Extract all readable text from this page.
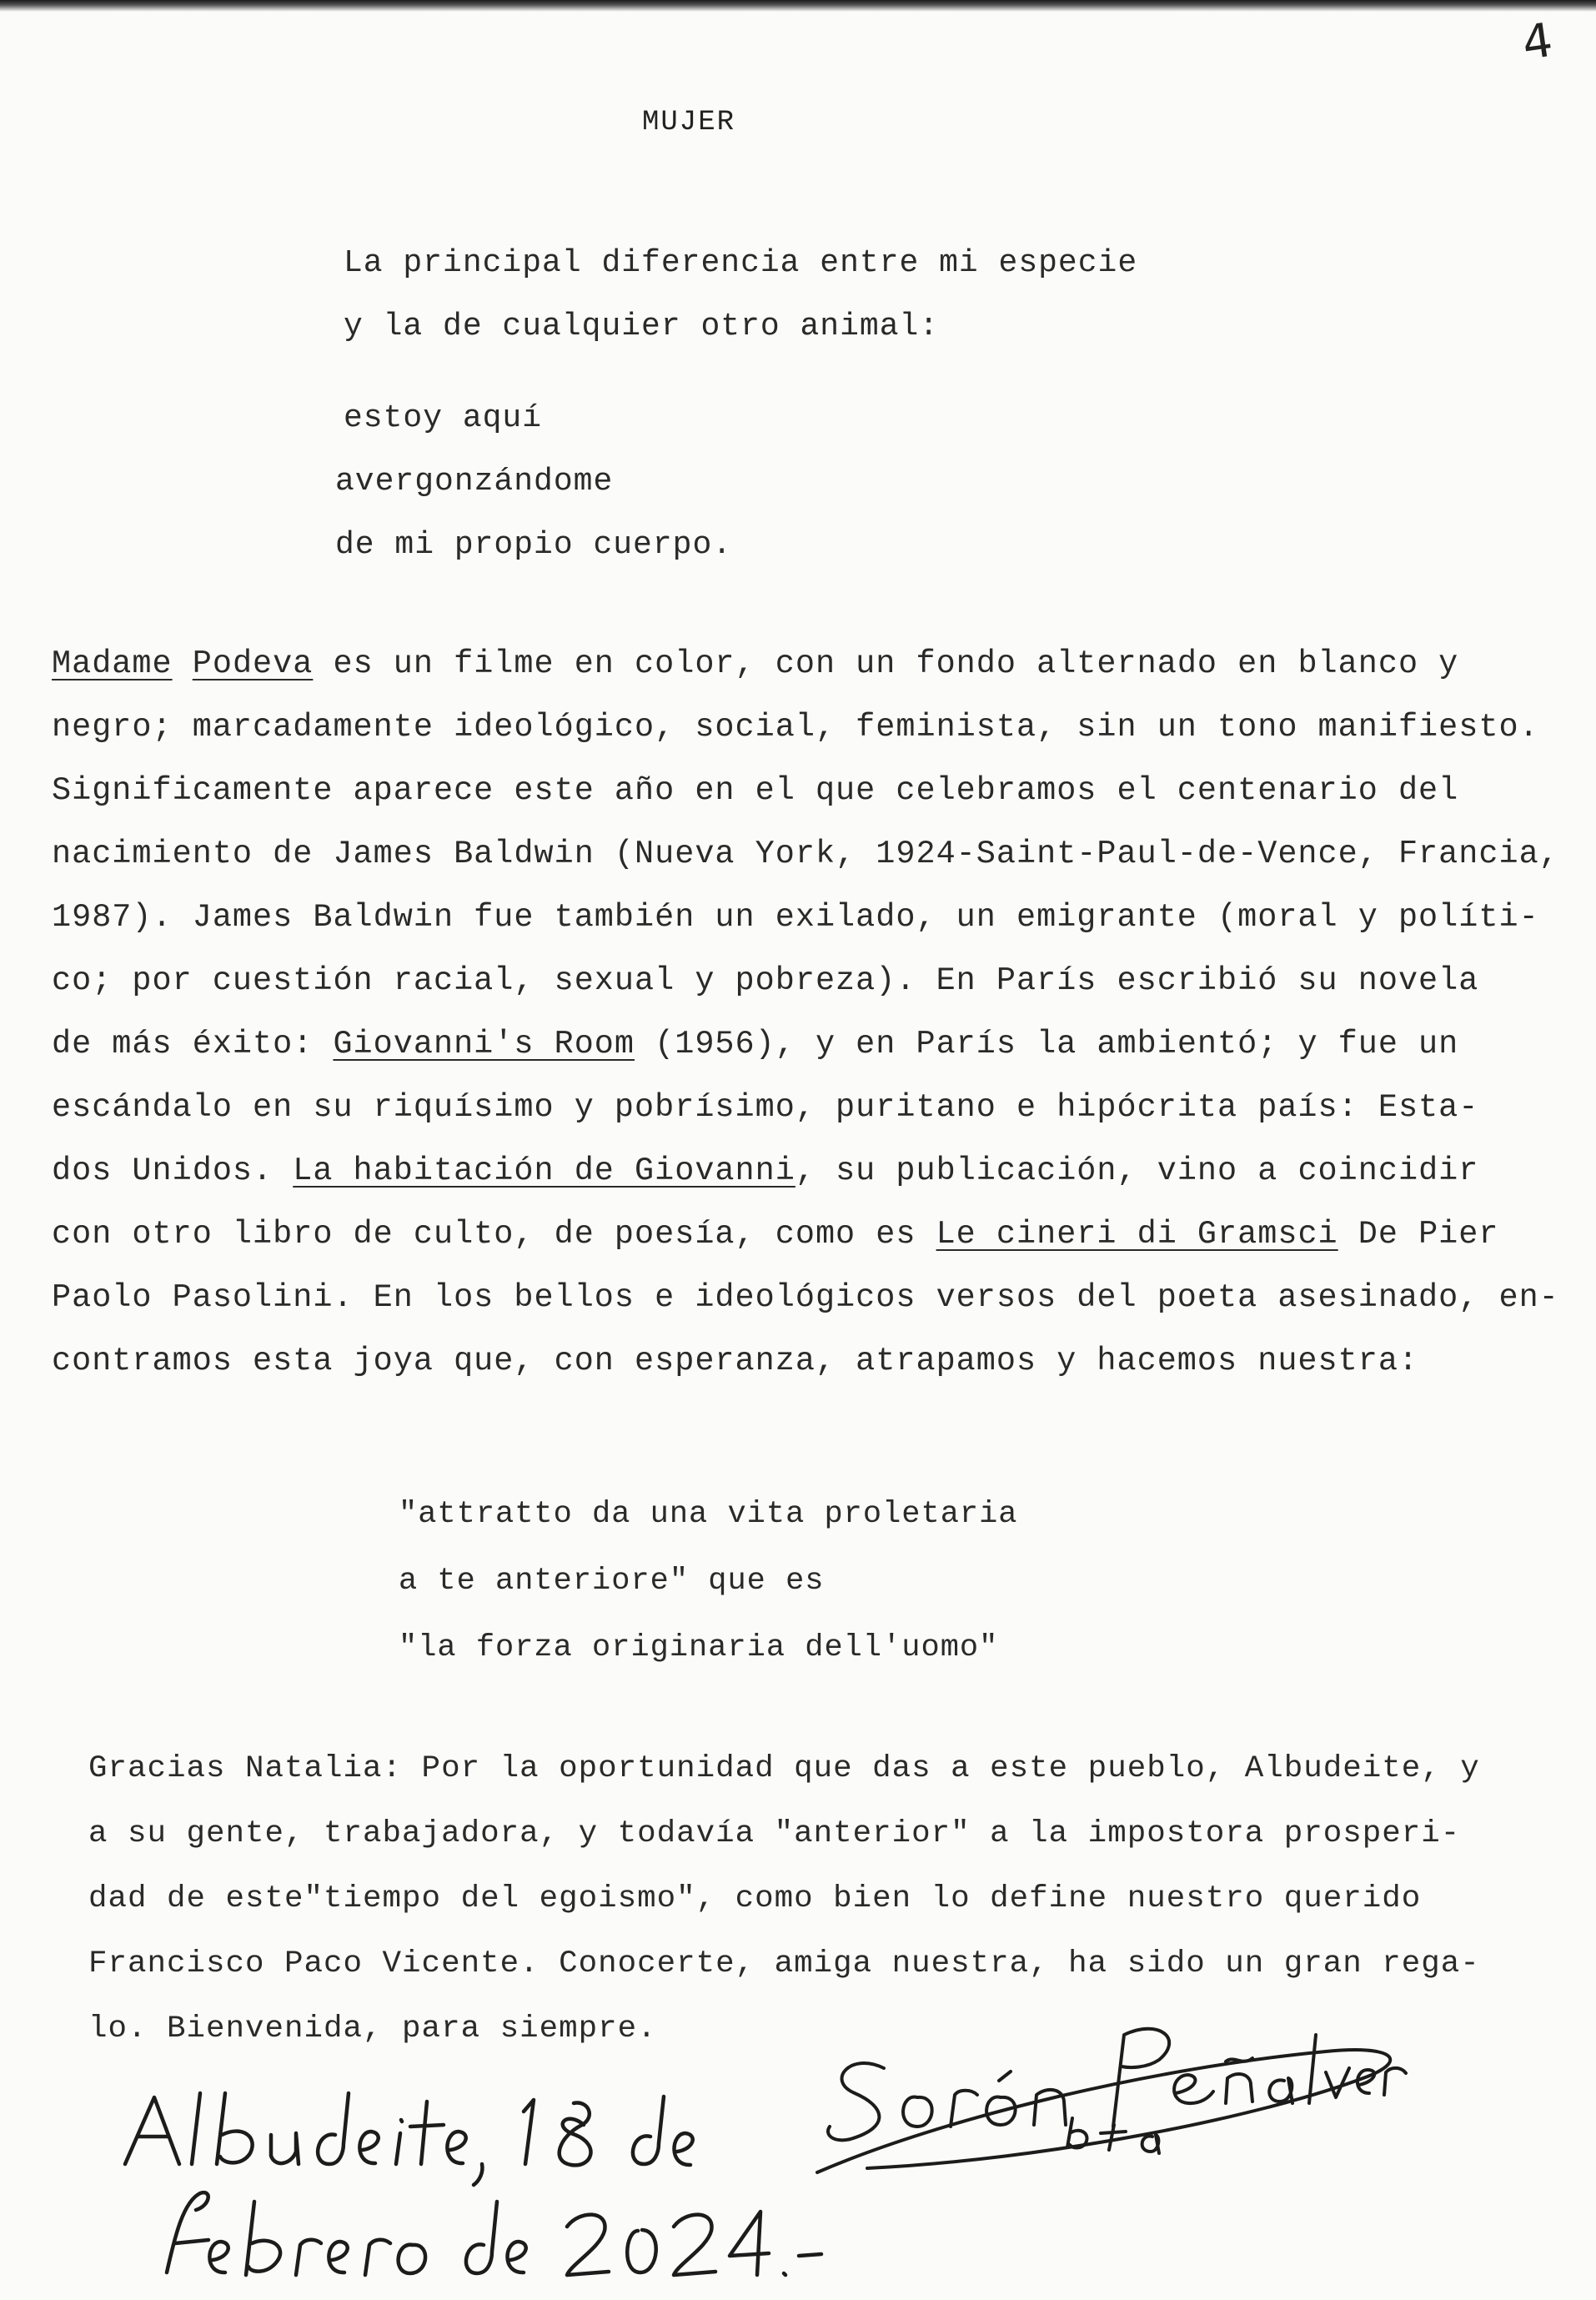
4
MUJER
La principal diferencia entre mi especie
y la de cualquier otro animal:
estoy aquí
avergonzándome
de mi propio cuerpo.
Madame Podeva es un filme en color, con un fondo alternado en blanco y
negro; marcadamente ideológico, social, feminista, sin un tono manifiesto.
Significamente aparece este año en el que celebramos el centenario del
nacimiento de James Baldwin (Nueva York, 1924-Saint-Paul-de-Vence, Francia,
1987). James Baldwin fue también un exilado, un emigrante (moral y políti-
co; por cuestión racial, sexual y pobreza). En París escribió su novela
de más éxito: Giovanni's Room (1956), y en París la ambientó; y fue un
escándalo en su riquísimo y pobrísimo, puritano e hipócrita país: Esta-
dos Unidos. La habitación de Giovanni, su publicación, vino a coincidir
con otro libro de culto, de poesía, como es Le cineri di Gramsci De Pier
Paolo Pasolini. En los bellos e ideológicos versos del poeta asesinado, en-
contramos esta joya que, con esperanza, atrapamos y hacemos nuestra:
"attratto da una vita proletaria
a te anteriore" que es
"la forza originaria dell'uomo"
Gracias Natalia: Por la oportunidad que das a este pueblo, Albudeite, y
a su gente, trabajadora, y todavía "anterior" a la impostora prosperi-
dad de este"tiempo del egoismo", como bien lo define nuestro querido
Francisco Paco Vicente. Conocerte, amiga nuestra, ha sido un gran rega-
lo. Bienvenida, para siempre.
